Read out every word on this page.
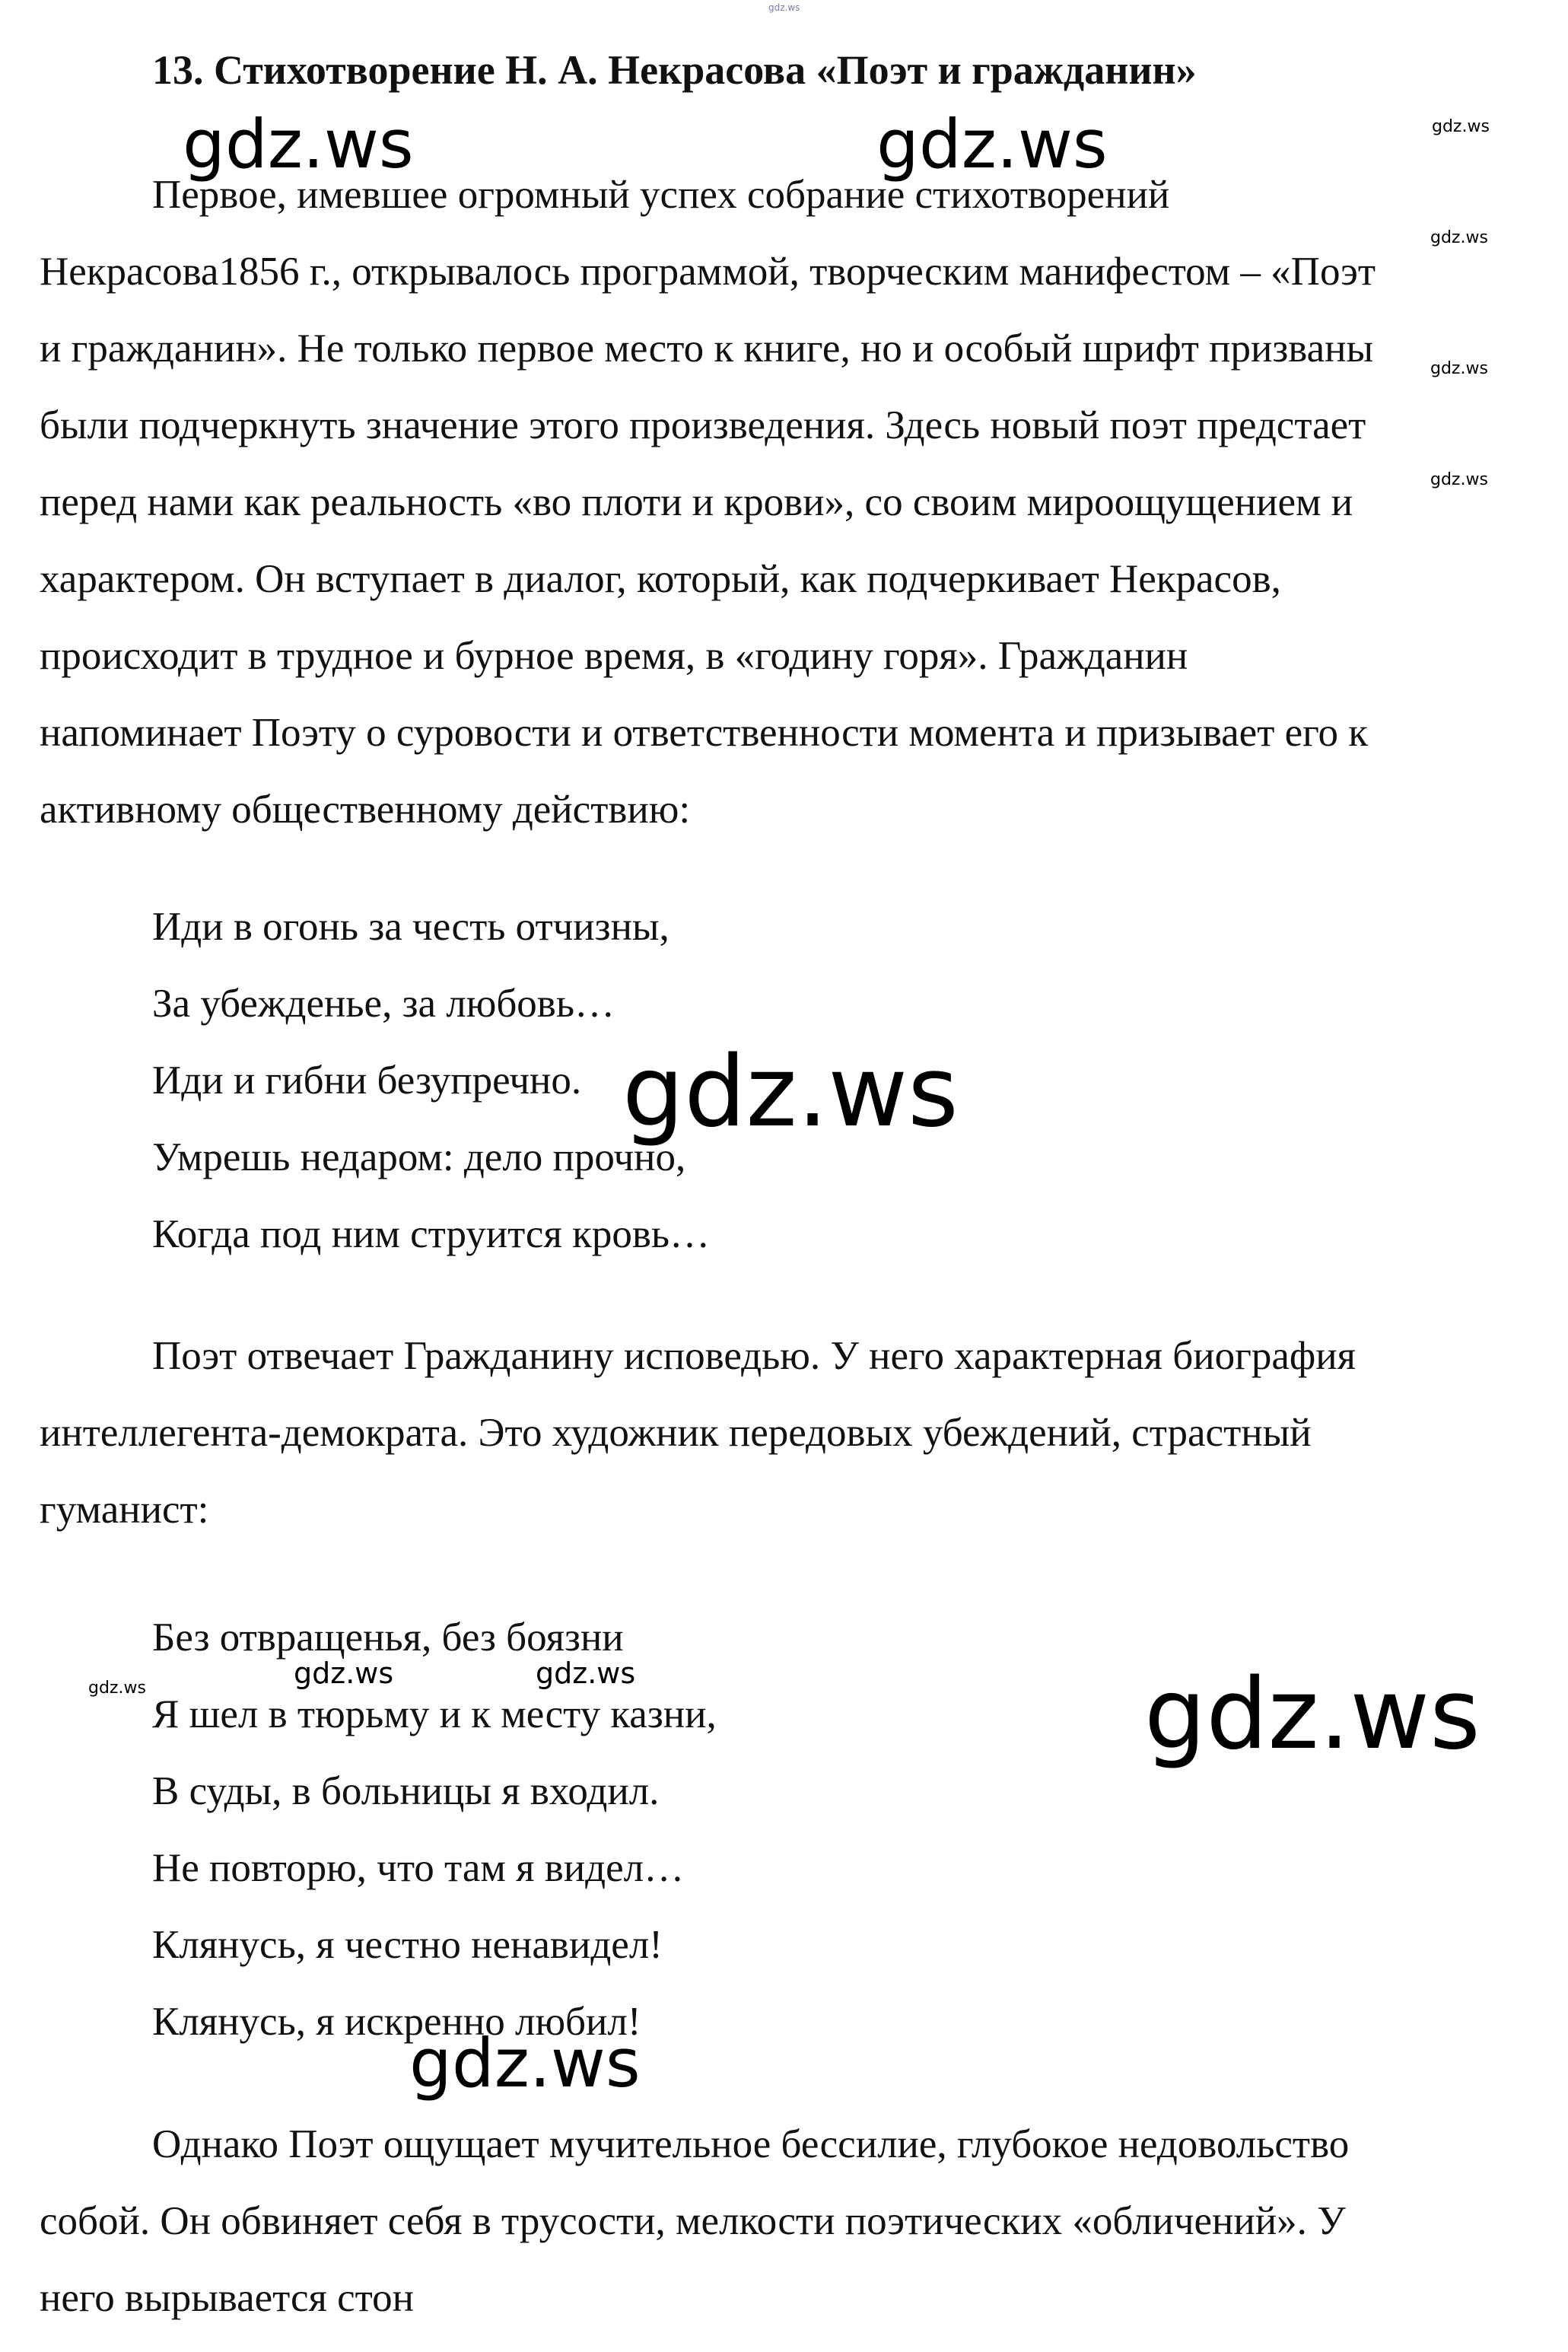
gdz.ws
13. Стихотворение Н. А. Некрасова «Поэт и гражданин»
Первое, имевшее огромный успех собрание стихотворений
Некрасова1856 г., открывалось программой, творческим манифестом – «Поэт
и гражданин». Не только первое место к книге, но и особый шрифт призваны
были подчеркнуть значение этого произведения. Здесь новый поэт предстает
перед нами как реальность «во плоти и крови», со своим мироощущением и
характером. Он вступает в диалог, который, как подчеркивает Некрасов,
происходит в трудное и бурное время, в «годину горя». Гражданин
напоминает Поэту о суровости и ответственности момента и призывает его к
активному общественному действию:
Иди в огонь за честь отчизны,
За убежденье, за любовь…
Иди и гибни безупречно.
Умрешь недаром: дело прочно,
Когда под ним струится кровь…
Поэт отвечает Гражданину исповедью. У него характерная биография
интеллегента-демократа. Это художник передовых убеждений, страстный
гуманист:
Без отвращенья, без боязни
Я шел в тюрьму и к месту казни,
В суды, в больницы я входил.
Не повторю, что там я видел…
Клянусь, я честно ненавидел!
Клянусь, я искренно любил!
Однако Поэт ощущает мучительное бессилие, глубокое недовольство
собой. Он обвиняет себя в трусости, мелкости поэтических «обличений». У
него вырывается стон
gdz.ws	gdz.ws	gdz.ws
gdz.ws
gdz.ws
gdz.ws
gdz.ws
gdz.ws	gdz.ws	gdz.ws	gdz.ws
gdz.ws
